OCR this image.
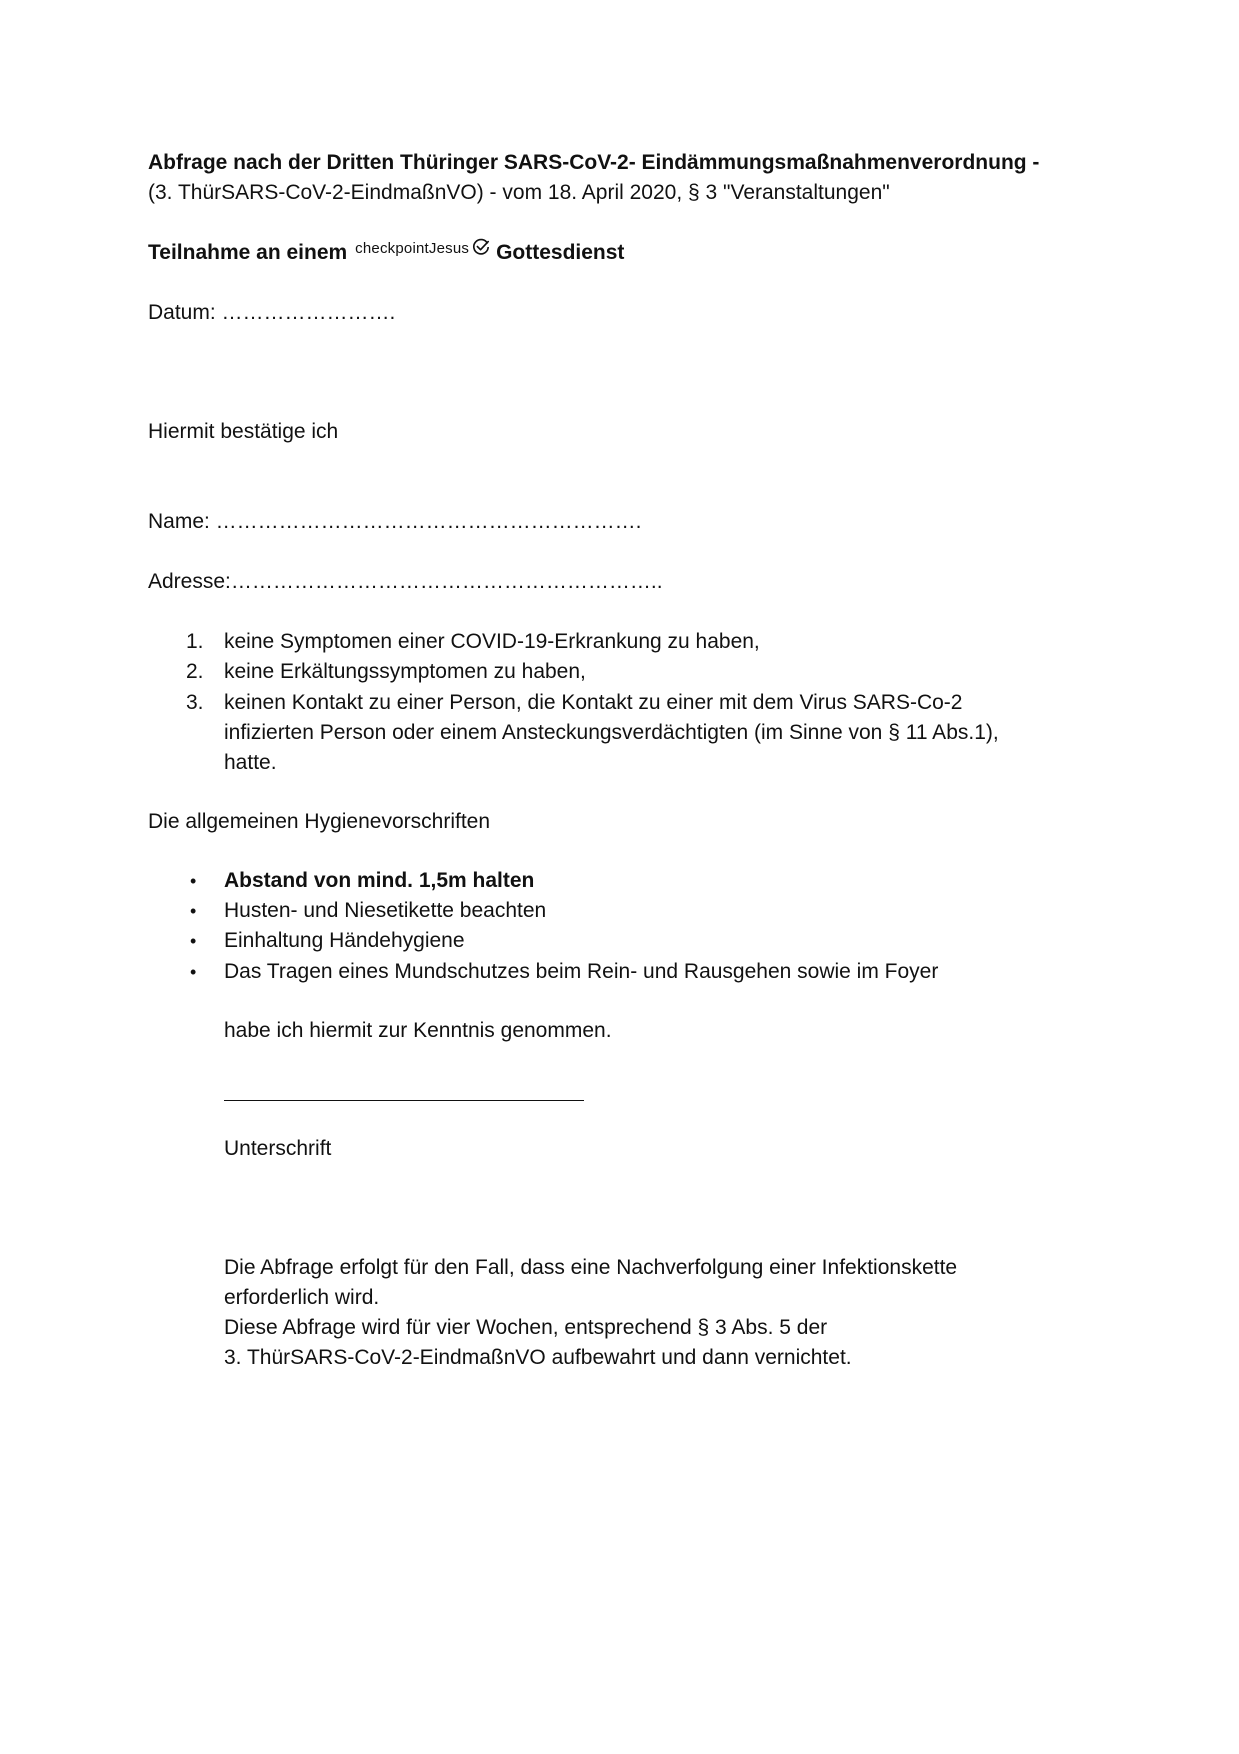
Abfrage nach der Dritten Thüringer SARS-CoV-2- Eindämmungsmaßnahmenverordnung -
(3. ThürSARS-CoV-2-EindmaßnVO) - vom 18. April 2020, § 3 "Veranstaltungen"
Teilnahme an einem checkpointJesus Gottesdienst
Datum: …………………….
Hiermit bestätige ich
Name: …………………………………………………….
Adresse:……………………………………………………..
1. keine Symptomen einer COVID-19-Erkrankung zu haben,
2. keine Erkältungssymptomen zu haben,
3. keinen Kontakt zu einer Person, die Kontakt zu einer mit dem Virus SARS-Co-2
infizierten Person oder einem Ansteckungsverdächtigten (im Sinne von § 11 Abs.1),
hatte.
Die allgemeinen Hygienevorschriften
• Abstand von mind. 1,5m halten
• Husten- und Niesetikette beachten
• Einhaltung Händehygiene
• Das Tragen eines Mundschutzes beim Rein- und Rausgehen sowie im Foyer
habe ich hiermit zur Kenntnis genommen.
Unterschrift
Die Abfrage erfolgt für den Fall, dass eine Nachverfolgung einer Infektionskette
erforderlich wird.
Diese Abfrage wird für vier Wochen, entsprechend § 3 Abs. 5 der
3. ThürSARS-CoV-2-EindmaßnVO aufbewahrt und dann vernichtet.
